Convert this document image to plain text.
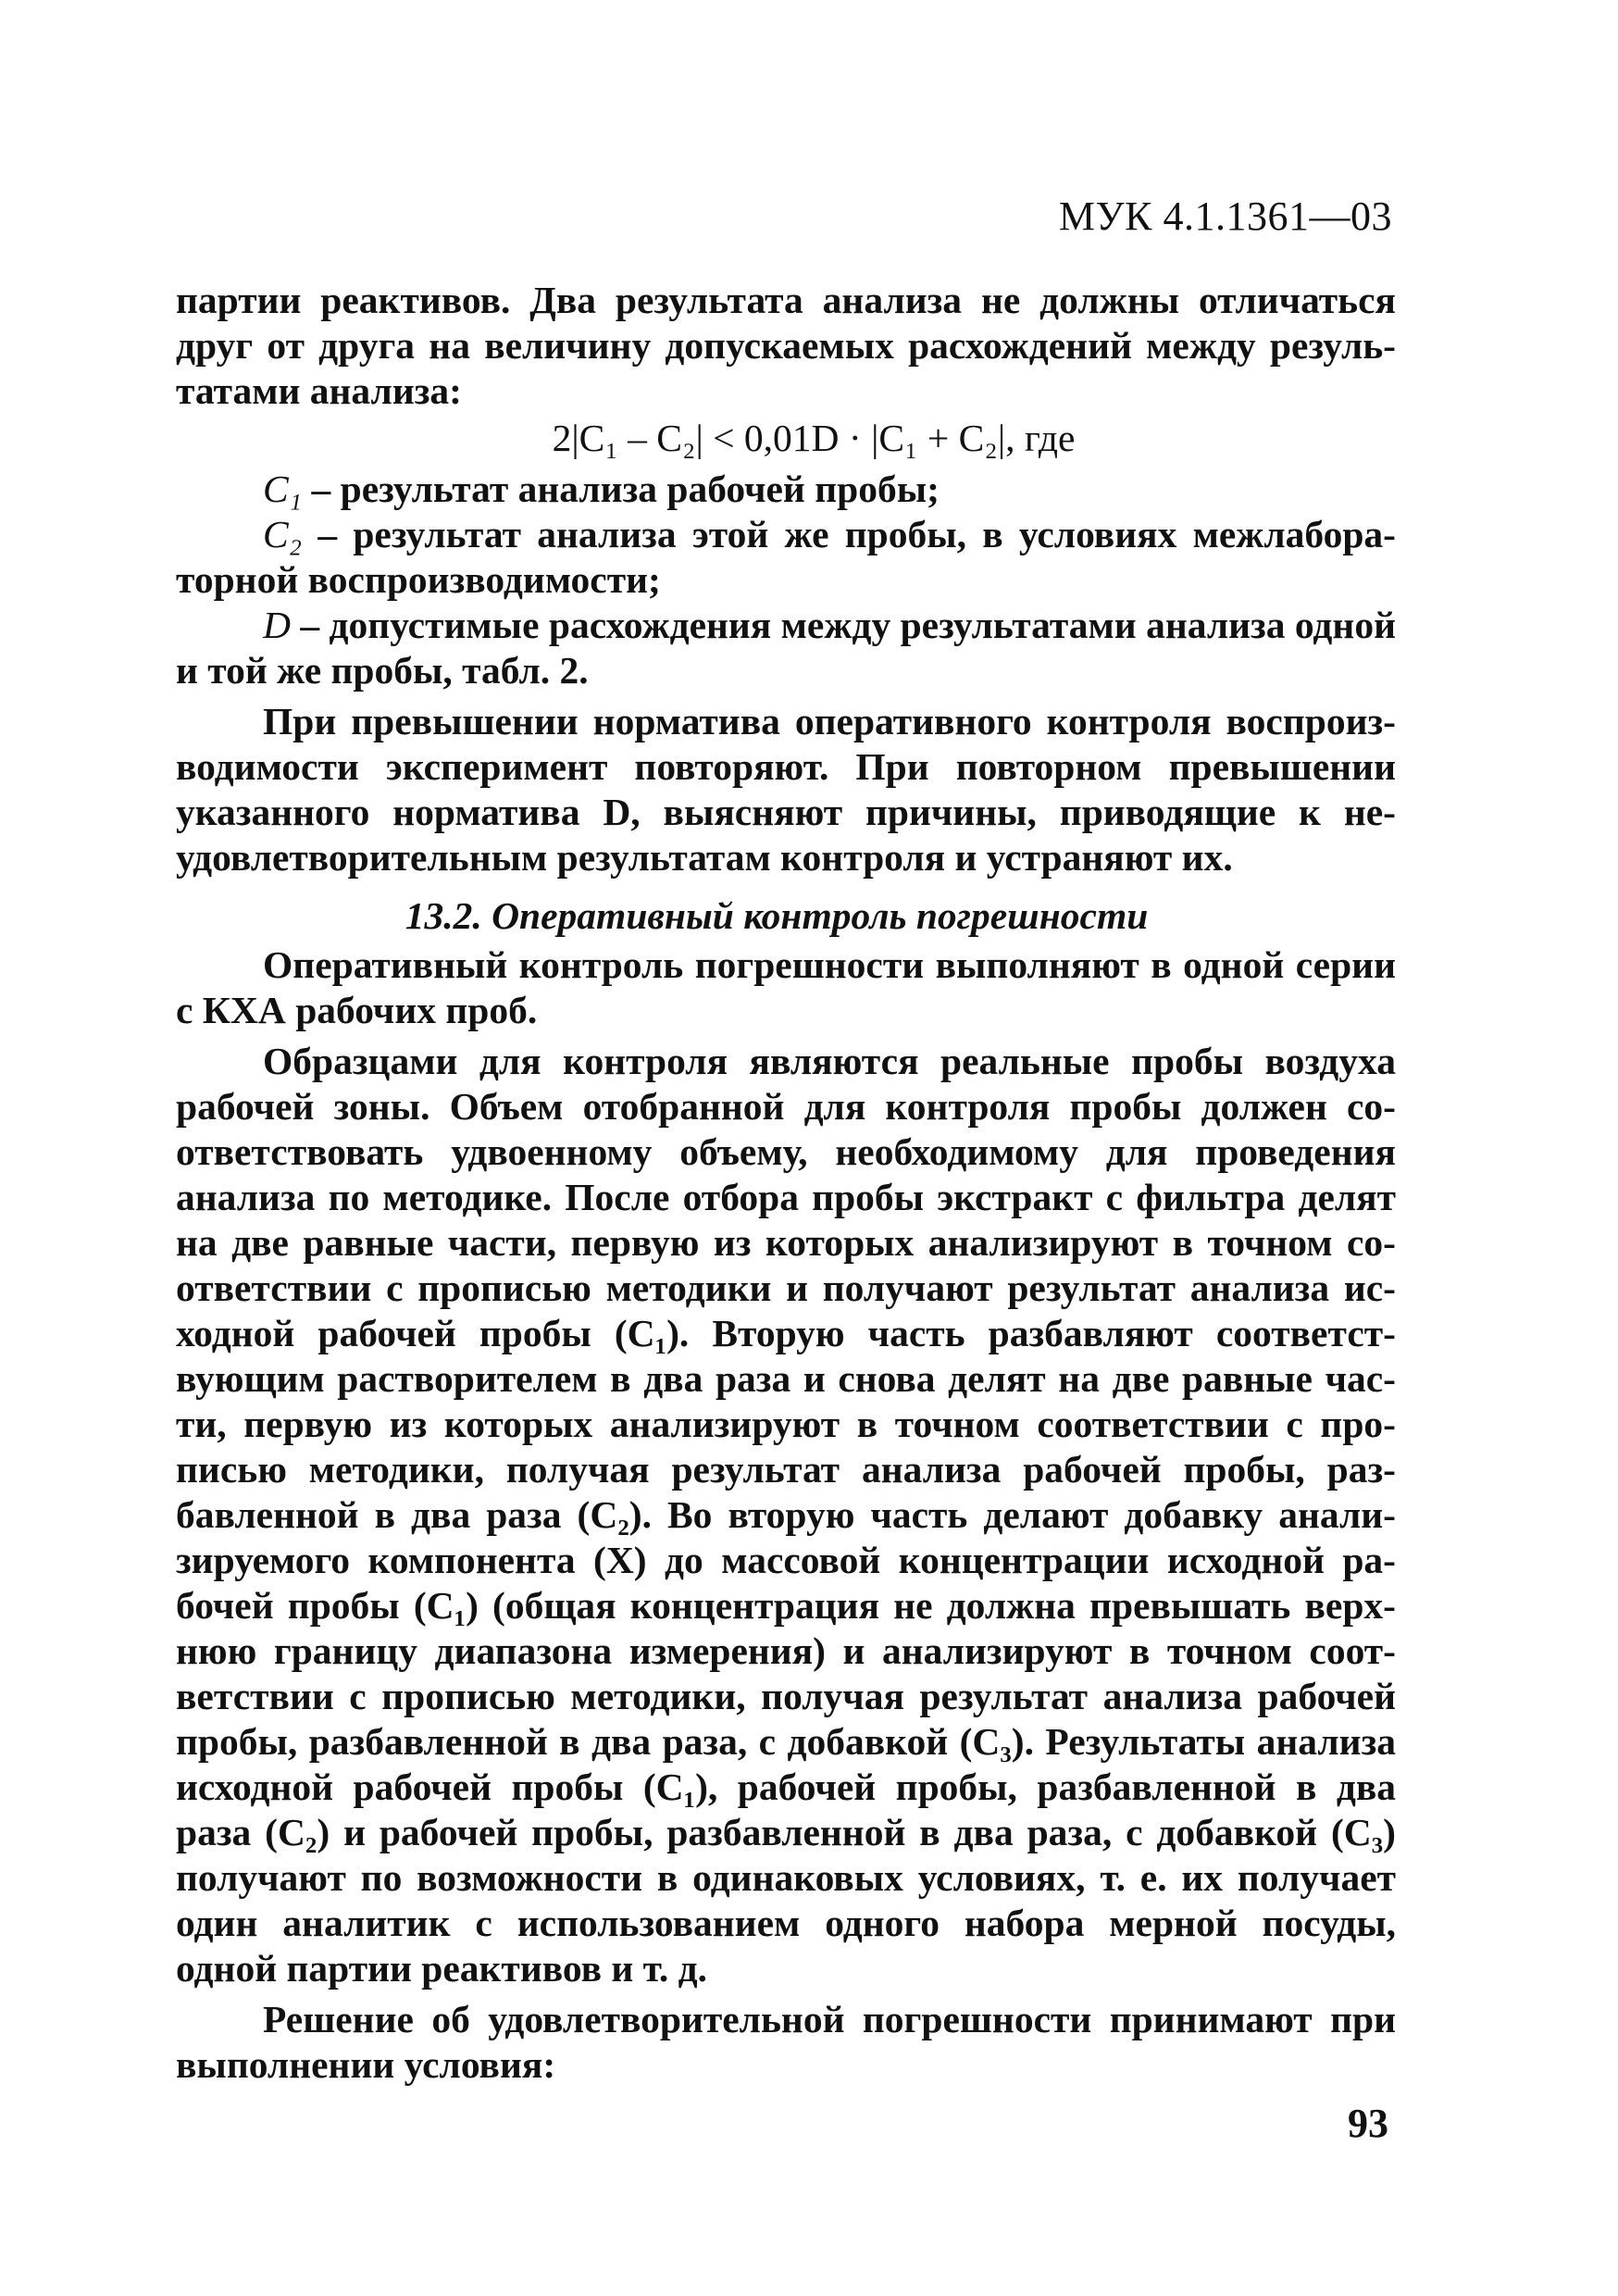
МУК 4.1.1361—03

партии реактивов. Два результата анализа не должны отличаться друг от друга на величину допускаемых расхождений между результатами анализа:

2|C₁ – C₂| < 0,01D · |C₁ + C₂|, где

C₁ – результат анализа рабочей пробы;

C₂ – результат анализа этой же пробы, в условиях межлабораторной воспроизводимости;

D – допустимые расхождения между результатами анализа одной и той же пробы, табл. 2.

При превышении норматива оперативного контроля воспроизводимости эксперимент повторяют. При повторном превышении указанного норматива D, выясняют причины, приводящие к неудовлетворительным результатам контроля и устраняют их.

13.2. Оперативный контроль погрешности

Оперативный контроль погрешности выполняют в одной серии с КХА рабочих проб.

Образцами для контроля являются реальные пробы воздуха рабочей зоны. Объем отобранной для контроля пробы должен соответствовать удвоенному объему, необходимому для проведения анализа по методике. После отбора пробы экстракт с фильтра делят на две равные части, первую из которых анализируют в точном соответствии с прописью методики и получают результат анализа исходной рабочей пробы (C₁). Вторую часть разбавляют соответствующим растворителем в два раза и снова делят на две равные части, первую из которых анализируют в точном соответствии с прописью методики, получая результат анализа рабочей пробы, разбавленной в два раза (C₂). Во вторую часть делают добавку анализируемого компонента (X) до массовой концентрации исходной рабочей пробы (C₁) (общая концентрация не должна превышать верхнюю границу диапазона измерения) и анализируют в точном соответствии с прописью методики, получая результат анализа рабочей пробы, разбавленной в два раза, с добавкой (C₃). Результаты анализа исходной рабочей пробы (C₁), рабочей пробы, разбавленной в два раза (C₂) и рабочей пробы, разбавленной в два раза, с добавкой (C₃) получают по возможности в одинаковых условиях, т. е. их получает один аналитик с использованием одного набора мерной посуды, одной партии реактивов и т. д.

Решение об удовлетворительной погрешности принимают при выполнении условия:

93
